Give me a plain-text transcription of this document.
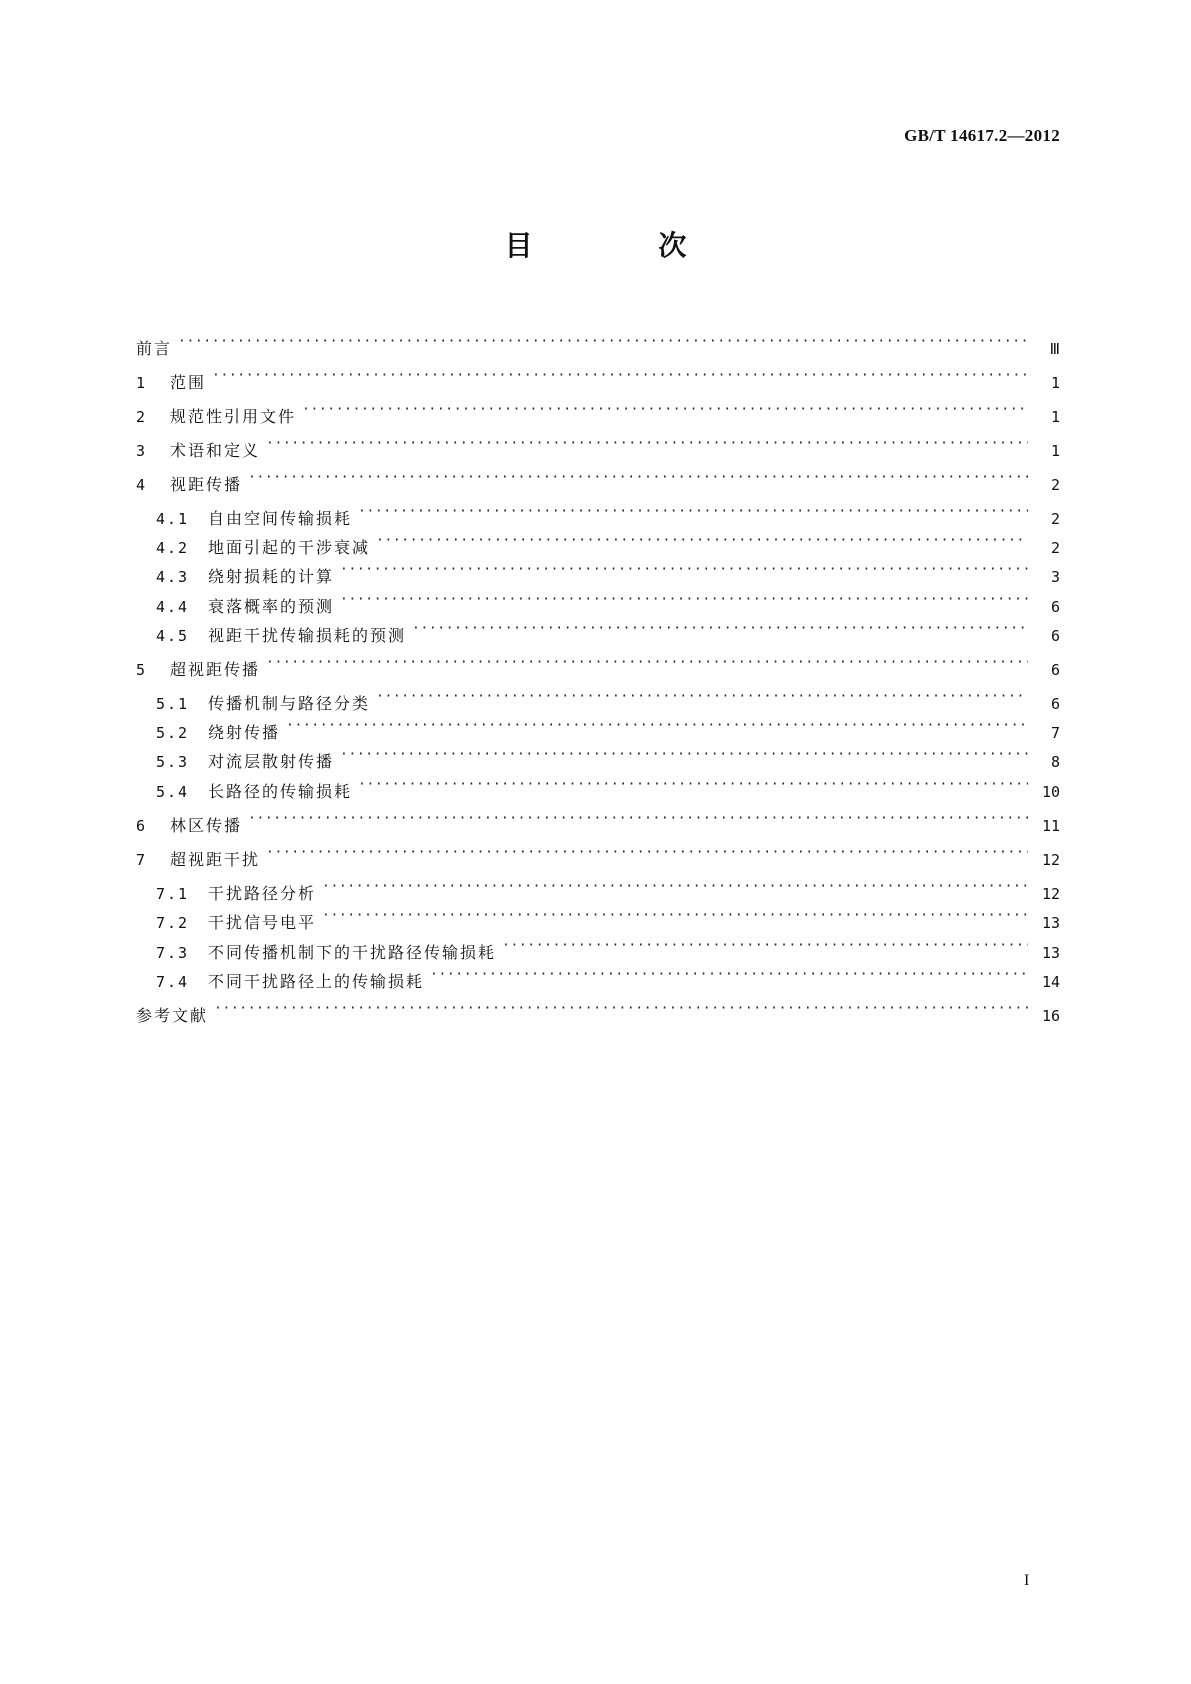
GB/T 14617.2—2012
目 次
前言 ·····	Ⅲ
1	范围 ·····	1
2	规范性引用文件 ·····	1
3	术语和定义 ·····	1
4	视距传播 ·····	2
4.1	自由空间传输损耗 ·····	2
4.2	地面引起的干涉衰减 ·····	2
4.3	绕射损耗的计算 ·····	3
4.4	衰落概率的预测 ·····	6
4.5	视距干扰传输损耗的预测 ·····	6
5	超视距传播 ·····	6
5.1	传播机制与路径分类 ·····	6
5.2	绕射传播 ·····	7
5.3	对流层散射传播 ·····	8
5.4	长路径的传输损耗 ·····	10
6	林区传播 ·····	11
7	超视距干扰 ·····	12
7.1	干扰路径分析 ·····	12
7.2	干扰信号电平 ·····	13
7.3	不同传播机制下的干扰路径传输损耗 ·····	13
7.4	不同干扰路径上的传输损耗 ·····	14
参考文献 ·····	16
I
